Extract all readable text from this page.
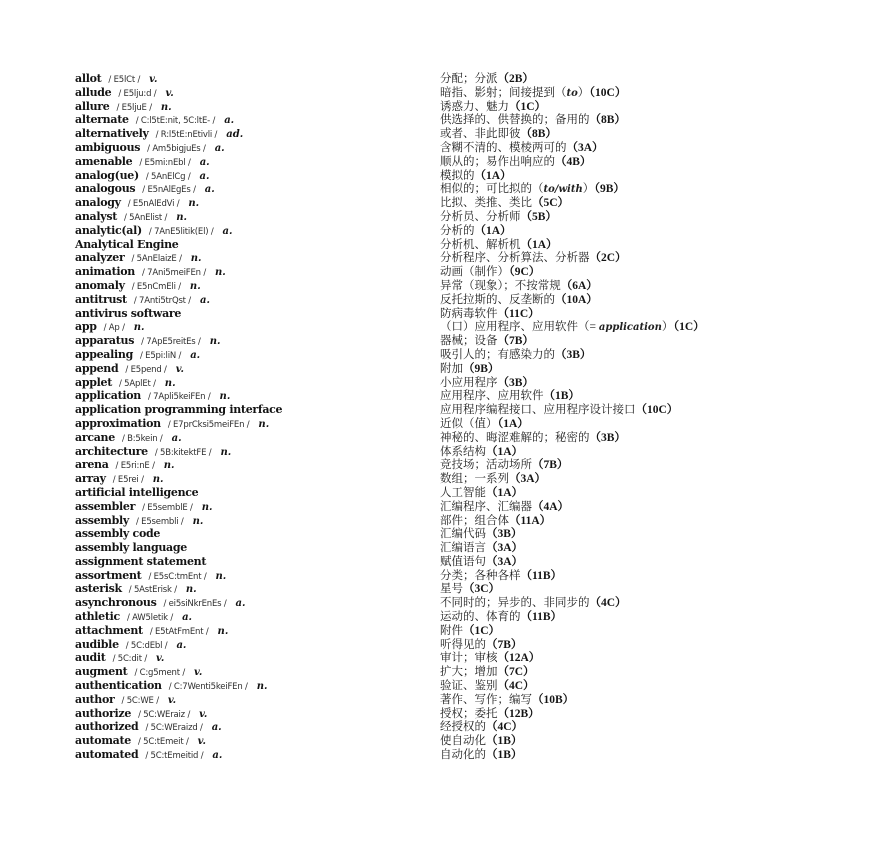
allot / E5lCt / v.	分配；分派（2B）
allude / E5lju:d / v.	暗指、影射；间接提到（to）（10C）
allure / E5ljuE / n.	诱惑力、魅力（1C）
alternate / C:l5tE:nit, 5C:ltE- / a.	供选择的、供替换的；备用的（8B）
alternatively / R:l5tE:nEtivli / ad.	或者、非此即彼（8B）
ambiguous / Am5bigjuEs / a.	含糊不清的、模棱两可的（3A）
amenable / E5mi:nEbl / a.	顺从的；易作出响应的（4B）
analog(ue) / 5AnElCg / a.	模拟的（1A）
analogous / E5nAlEgEs / a.	相似的；可比拟的（to/with）（9B）
analogy / E5nAlEdVi / n.	比拟、类推、类比（5C）
analyst / 5AnElist / n.	分析员、分析师（5B）
analytic(al) / 7AnE5litik(El) / a.	分析的（1A）
Analytical Engine	分析机、解析机（1A）
analyzer / 5AnElaizE / n.	分析程序、分析算法、分析器（2C）
animation / 7Ani5meiFEn / n.	动画（制作）（9C）
anomaly / E5nCmEli / n.	异常（现象）；不按常规（6A）
antitrust / 7Anti5trQst / a.	反托拉斯的、反垄断的（10A）
antivirus software	防病毒软件（11C）
app / Ap / n.	（口）应用程序、应用软件（= application）（1C）
apparatus / 7ApE5reitEs / n.	器械；设备（7B）
appealing / E5pi:liN / a.	吸引人的；有感染力的（3B）
append / E5pend / v.	附加（9B）
applet / 5AplEt / n.	小应用程序（3B）
application / 7Apli5keiFEn / n.	应用程序、应用软件（1B）
application programming interface	应用程序编程接口、应用程序设计接口（10C）
approximation / E7prCksi5meiFEn / n.	近似（值）（1A）
arcane / B:5kein / a.	神秘的、晦涩难解的；秘密的（3B）
architecture / 5B:kitektFE / n.	体系结构（1A）
arena / E5ri:nE / n.	竞技场；活动场所（7B）
array / E5rei / n.	数组；一系列（3A）
artificial intelligence	人工智能（1A）
assembler / E5semblE / n.	汇编程序、汇编器（4A）
assembly / E5sembli / n.	部件；组合体（11A）
assembly code	汇编代码（3B）
assembly language	汇编语言（3A）
assignment statement	赋值语句（3A）
assortment / E5sC:tmEnt / n.	分类；各种各样（11B）
asterisk / 5AstErisk / n.	星号（3C）
asynchronous / ei5siNkrEnEs / a.	不同时的；异步的、非同步的（4C）
athletic / AW5letik / a.	运动的、体育的（11B）
attachment / E5tAtFmEnt / n.	附件（1C）
audible / 5C:dEbl / a.	听得见的（7B）
audit / 5C:dit / v.	审计；审核（12A）
augment / C:g5ment / v.	扩大；增加（7C）
authentication / C:7Wenti5keiFEn / n.	验证、鉴别（4C）
author / 5C:WE / v.	著作、写作；编写（10B）
authorize / 5C:WEraiz / v.	授权；委托（12B）
authorized / 5C:WEraizd / a.	经授权的（4C）
automate / 5C:tEmeit / v.	使自动化（1B）
automated / 5C:tEmeitid / a.	自动化的（1B）
